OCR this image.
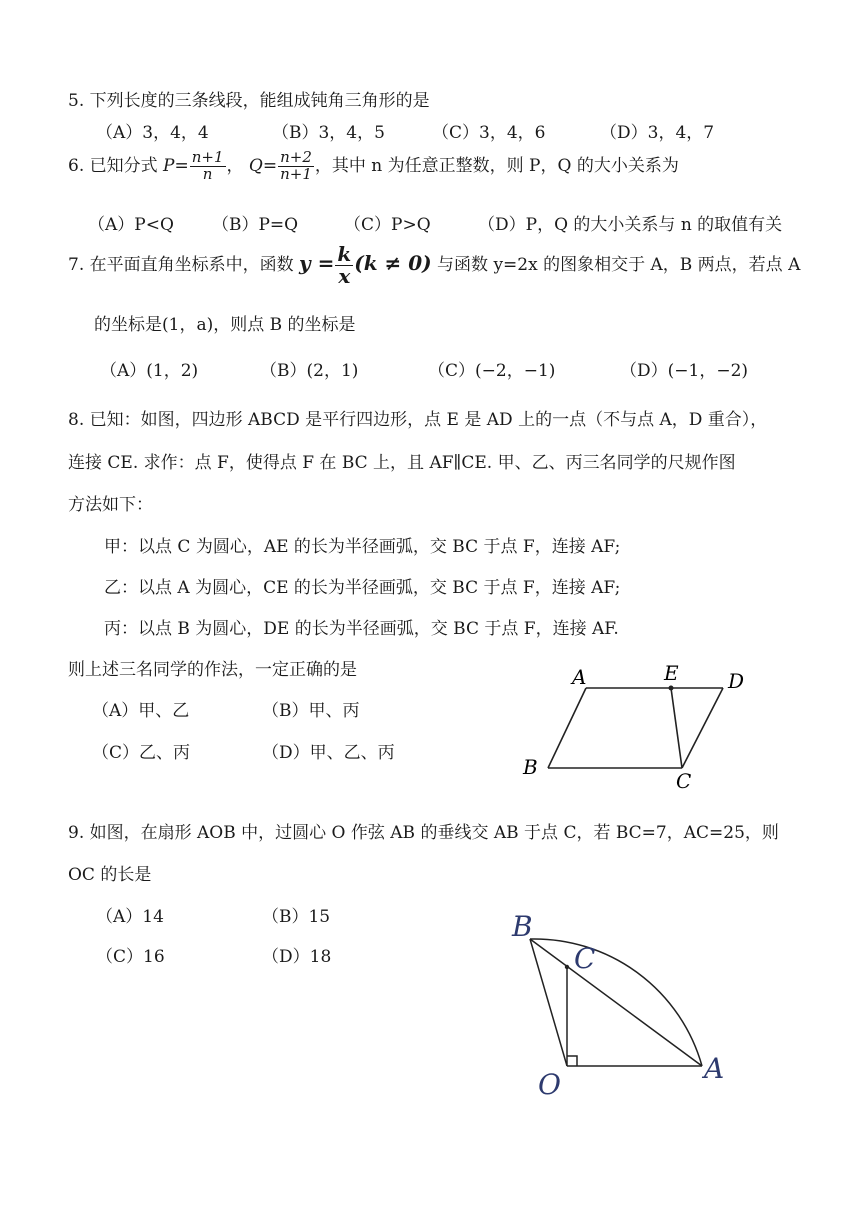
5. 下列长度的三条线段，能组成钝角三角形的是
（A）3，4，4	（B）3，4，5	（C）3，4，6	（D）3，4，7
6. 已知分式 $P= \frac{n+1}{n}$ ， $Q= \frac{n+2}{n+1}$ ，其中 n 为任意正整数，则 P，Q 的大小关系为
（A）P<Q （B）P=Q	（C）P>Q	（D）P，Q 的大小关系与 n 的取值有关
7. 在平面直角坐标系中，函数 $y = \frac{k}{x} (k \ne 0)$ 与函数 y=2x 的图象相交于 A，B 两点，若点 A
的坐标是(1，a)，则点 B 的坐标是
（A）(1，2)	（B）(2，1)	（C）(−2，−1)	（D）(−1，−2)
8. 已知：如图，四边形 ABCD 是平行四边形，点 E 是 AD 上的一点（不与点 A，D 重合），
连接 CE. 求作：点 F，使得点 F 在 BC 上，且 AF∥CE. 甲、乙、丙三名同学的尺规作图
方法如下：
甲：以点 C 为圆心，AE 的长为半径画弧，交 BC 于点 F，连接 AF;
乙：以点 A 为圆心，CE 的长为半径画弧，交 BC 于点 F，连接 AF;
丙：以点 B 为圆心，DE 的长为半径画弧，交 BC 于点 F，连接 AF.
则上述三名同学的作法，一定正确的是
（A）甲、乙	（B）甲、丙
（C）乙、丙	（D）甲、乙、丙
A	E D
B
C
9. 如图，在扇形 AOB 中，过圆心 O 作弦 AB 的垂线交 AB 于点 C，若 BC=7，AC=25，则
OC 的长是
（A）14	（B）15
（C）16	（D）18
B
C
O	A
